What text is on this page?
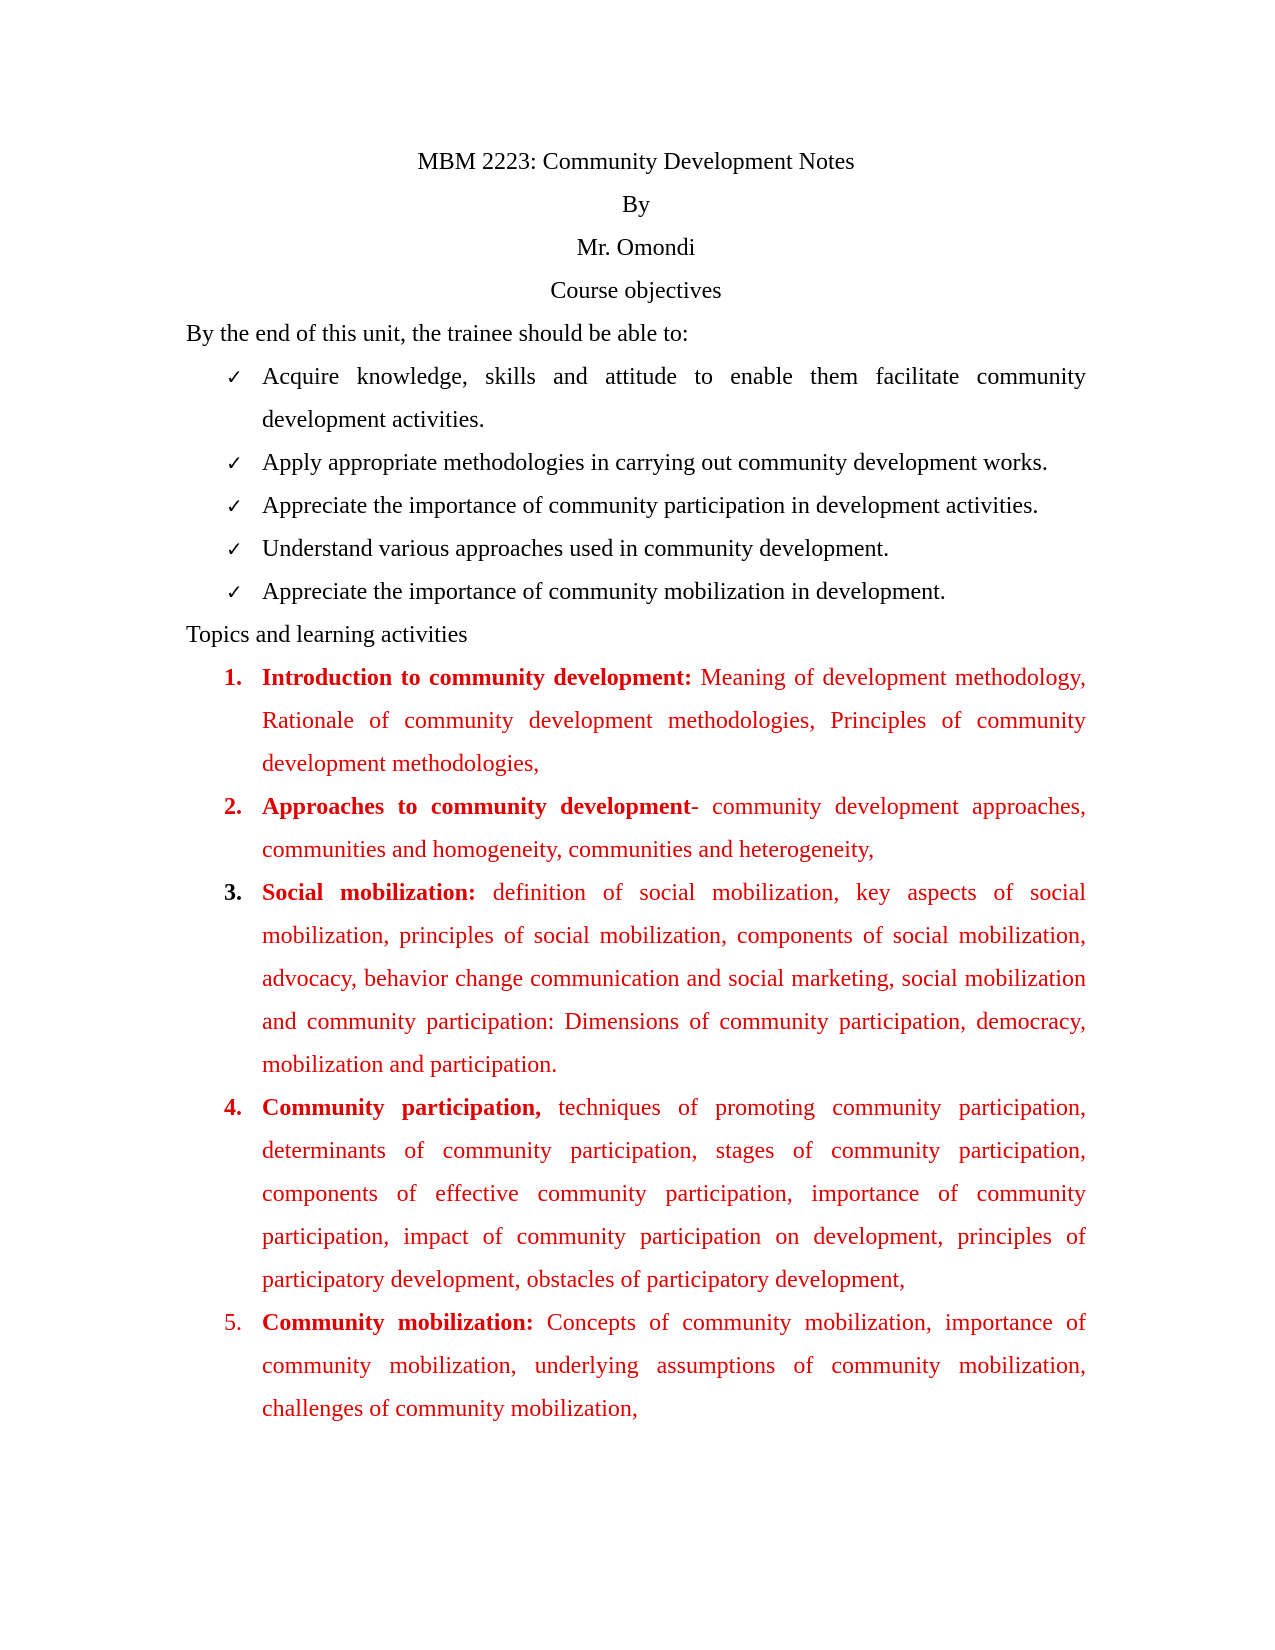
MBM 2223: Community Development Notes

By

Mr. Omondi

Course objectives

By the end of this unit, the trainee should be able to:

✓ Acquire knowledge, skills and attitude to enable them facilitate community development activities.
✓ Apply appropriate methodologies in carrying out community development works.
✓ Appreciate the importance of community participation in development activities.
✓ Understand various approaches used in community development.
✓ Appreciate the importance of community mobilization in development.

Topics and learning activities

1. Introduction to community development: Meaning of development methodology, Rationale of community development methodologies, Principles of community development methodologies,
2. Approaches to community development- community development approaches, communities and homogeneity, communities and heterogeneity,
3. Social mobilization: definition of social mobilization, key aspects of social mobilization, principles of social mobilization, components of social mobilization, advocacy, behavior change communication and social marketing, social mobilization and community participation: Dimensions of community participation, democracy, mobilization and participation.
4. Community participation, techniques of promoting community participation, determinants of community participation, stages of community participation, components of effective community participation, importance of community participation, impact of community participation on development, principles of participatory development, obstacles of participatory development,
5. Community mobilization: Concepts of community mobilization, importance of community mobilization, underlying assumptions of community mobilization, challenges of community mobilization,
